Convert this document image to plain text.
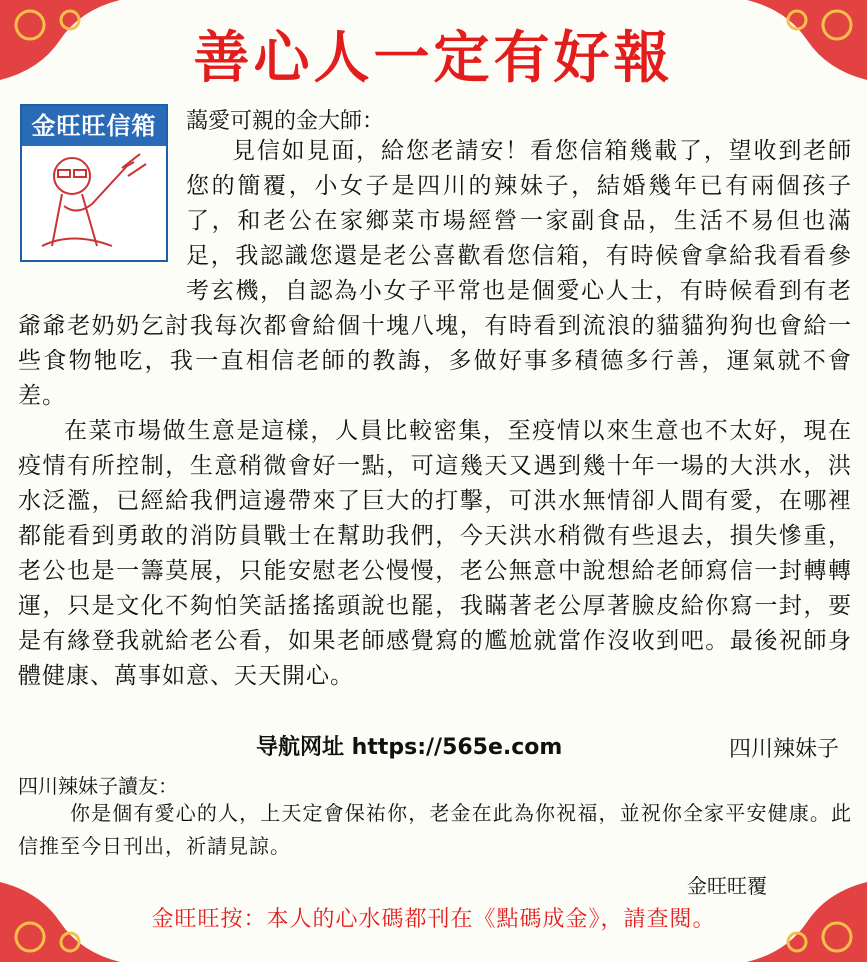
善心人一定有好報
金旺旺信箱	藹愛可親的金大師：

見信如見面，給您老請安！看您信箱幾載了，望收到老師您的簡覆，小女子是四川的辣妹子，結婚幾年已有兩個孩子了，和老公在家鄉菜市場經營一家副食品，生活不易但也滿足，我認識您還是老公喜歡看您信箱，有時候會拿給我看看參考玄機，自認為小女子平常也是個愛心人士，有時候看到有老爺爺老奶奶乞討我每次都會給個十塊八塊，有時看到流浪的貓貓狗狗也會給一些食物牠吃，我一直相信老師的教誨，多做好事多積德多行善，運氣就不會差。

在菜市場做生意是這樣，人員比較密集，至疫情以來生意也不太好，現在疫情有所控制，生意稍微會好一點，可這幾天又遇到幾十年一場的大洪水，洪水泛濫，已經給我們這邊帶來了巨大的打擊，可洪水無情卻人間有愛，在哪裡都能看到勇敢的消防員戰士在幫助我們，今天洪水稍微有些退去，損失慘重，老公也是一籌莫展，只能安慰老公慢慢，老公無意中說想給老師寫信一封轉轉運，只是文化不夠怕笑話搖搖頭說也罷，我瞞著老公厚著臉皮給你寫一封，要是有緣登我就給老公看，如果老師感覺寫的尷尬就當作沒收到吧。最後祝師身體健康、萬事如意、天天開心。

导航网址 https://565e.com	四川辣妹子
四川辣妹子讀友：

你是個有愛心的人，上天定會保祐你，老金在此為你祝福，並祝你全家平安健康。此信推至今日刊出，祈請見諒。

金旺旺覆
金旺旺按：本人的心水碼都刊在《點碼成金》，請查閱。
